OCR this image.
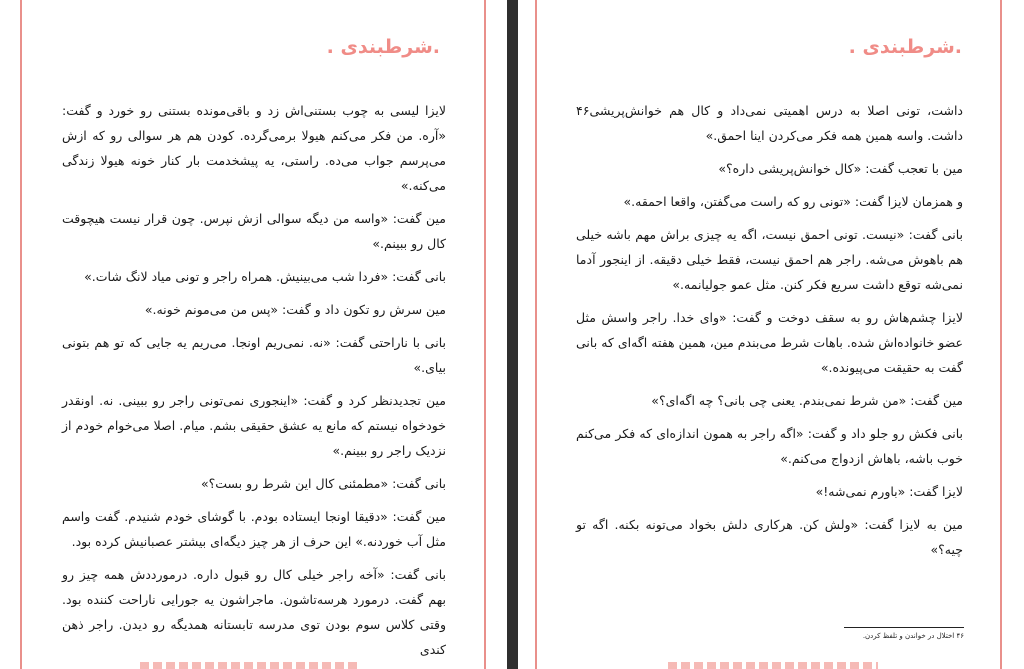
.شرطبندی .

لایزا لیسی به چوب بستنی‌اش زد و باقی‌مونده بستنی رو خورد و گفت: «آره. من فکر می‌کنم هیولا برمی‌گرده. کودن هم هر سوالی رو که ازش می‌پرسم جواب می‌ده. راستی، یه پیشخدمت بار کنار خونه هیولا زندگی می‌کنه.»

مین گفت: «واسه من دیگه سوالی ازش نپرس. چون قرار نیست هیچوقت کال رو ببینم.»

بانی گفت: «فردا شب می‌بینیش. همراه راجر و تونی میاد لانگ شات.»

مین سرش رو تکون داد و گفت: «پس من می‌مونم خونه.»

بانی با ناراحتی گفت: «نه. نمی‌ریم اونجا. می‌ریم یه جایی که تو هم بتونی بیای.»

مین تجدیدنظر کرد و گفت: «اینجوری نمی‌تونی راجر رو ببینی. نه. اونقدر خودخواه نیستم که مانع یه عشق حقیقی بشم. میام. اصلا می‌خوام خودم از نزدیک راجر رو ببینم.»

بانی گفت: «مطمئنی کال این شرط رو بست؟»

مین گفت: «دقیقا اونجا ایستاده بودم. با گوشای خودم شنیدم. گفت واسم مثل آب خوردنه.» این حرف از هر چیز دیگه‌ای بیشتر عصبانیش کرده بود.

بانی گفت: «آخه راجر خیلی کال رو قبول داره. درمورددش همه چیز رو بهم گفت. درمورد هرسه‌تاشون. ماجراشون یه جورایی ناراحت کننده بود. وقتی کلاس سوم بودن توی مدرسه تابستانه همدیگه رو دیدن. راجر ذهن کندی

.شرطبندی .

داشت، تونی اصلا به درس اهمیتی نمی‌داد و کال هم خوانش‌پریشی۴۶ داشت. واسه همین همه فکر می‌کردن اینا احمق‌.»

مین با تعجب گفت: «کال خوانش‌پریشی داره؟»

و همزمان لایزا گفت: «تونی رو که راست می‌گفتن، واقعا احمقه.»

بانی گفت: «نیست. تونی احمق نیست، اگه یه چیزی براش مهم باشه خیلی هم باهوش می‌شه. راجر هم احمق نیست، فقط خیلی دقیقه. از اینجور آدما نمی‌شه توقع داشت سریع فکر کنن. مثل عمو جولیانمه.»

لایزا چشم‌هاش رو به سقف دوخت و گفت: «وای خدا. راجر واسش مثل عضو خانواده‌اش شده. باهات شرط می‌بندم مین، همین هفته اگه‌ای که بانی گفت به حقیقت می‌پیونده.»

مین گفت: «من شرط نمی‌بندم. یعنی چی بانی؟ چه اگه‌ای؟»

بانی فکش رو جلو داد و گفت: «اگه راجر به همون اندازه‌ای که فکر می‌کنم خوب باشه، باهاش ازدواج می‌کنم.»

لایزا گفت: «باورم نمی‌شه!»

مین به لایزا گفت: «ولش کن. هرکاری دلش بخواد می‌تونه بکنه. اگه تو چیه؟»

۴۶ اختلال در خواندن و تلفظ کردن.
